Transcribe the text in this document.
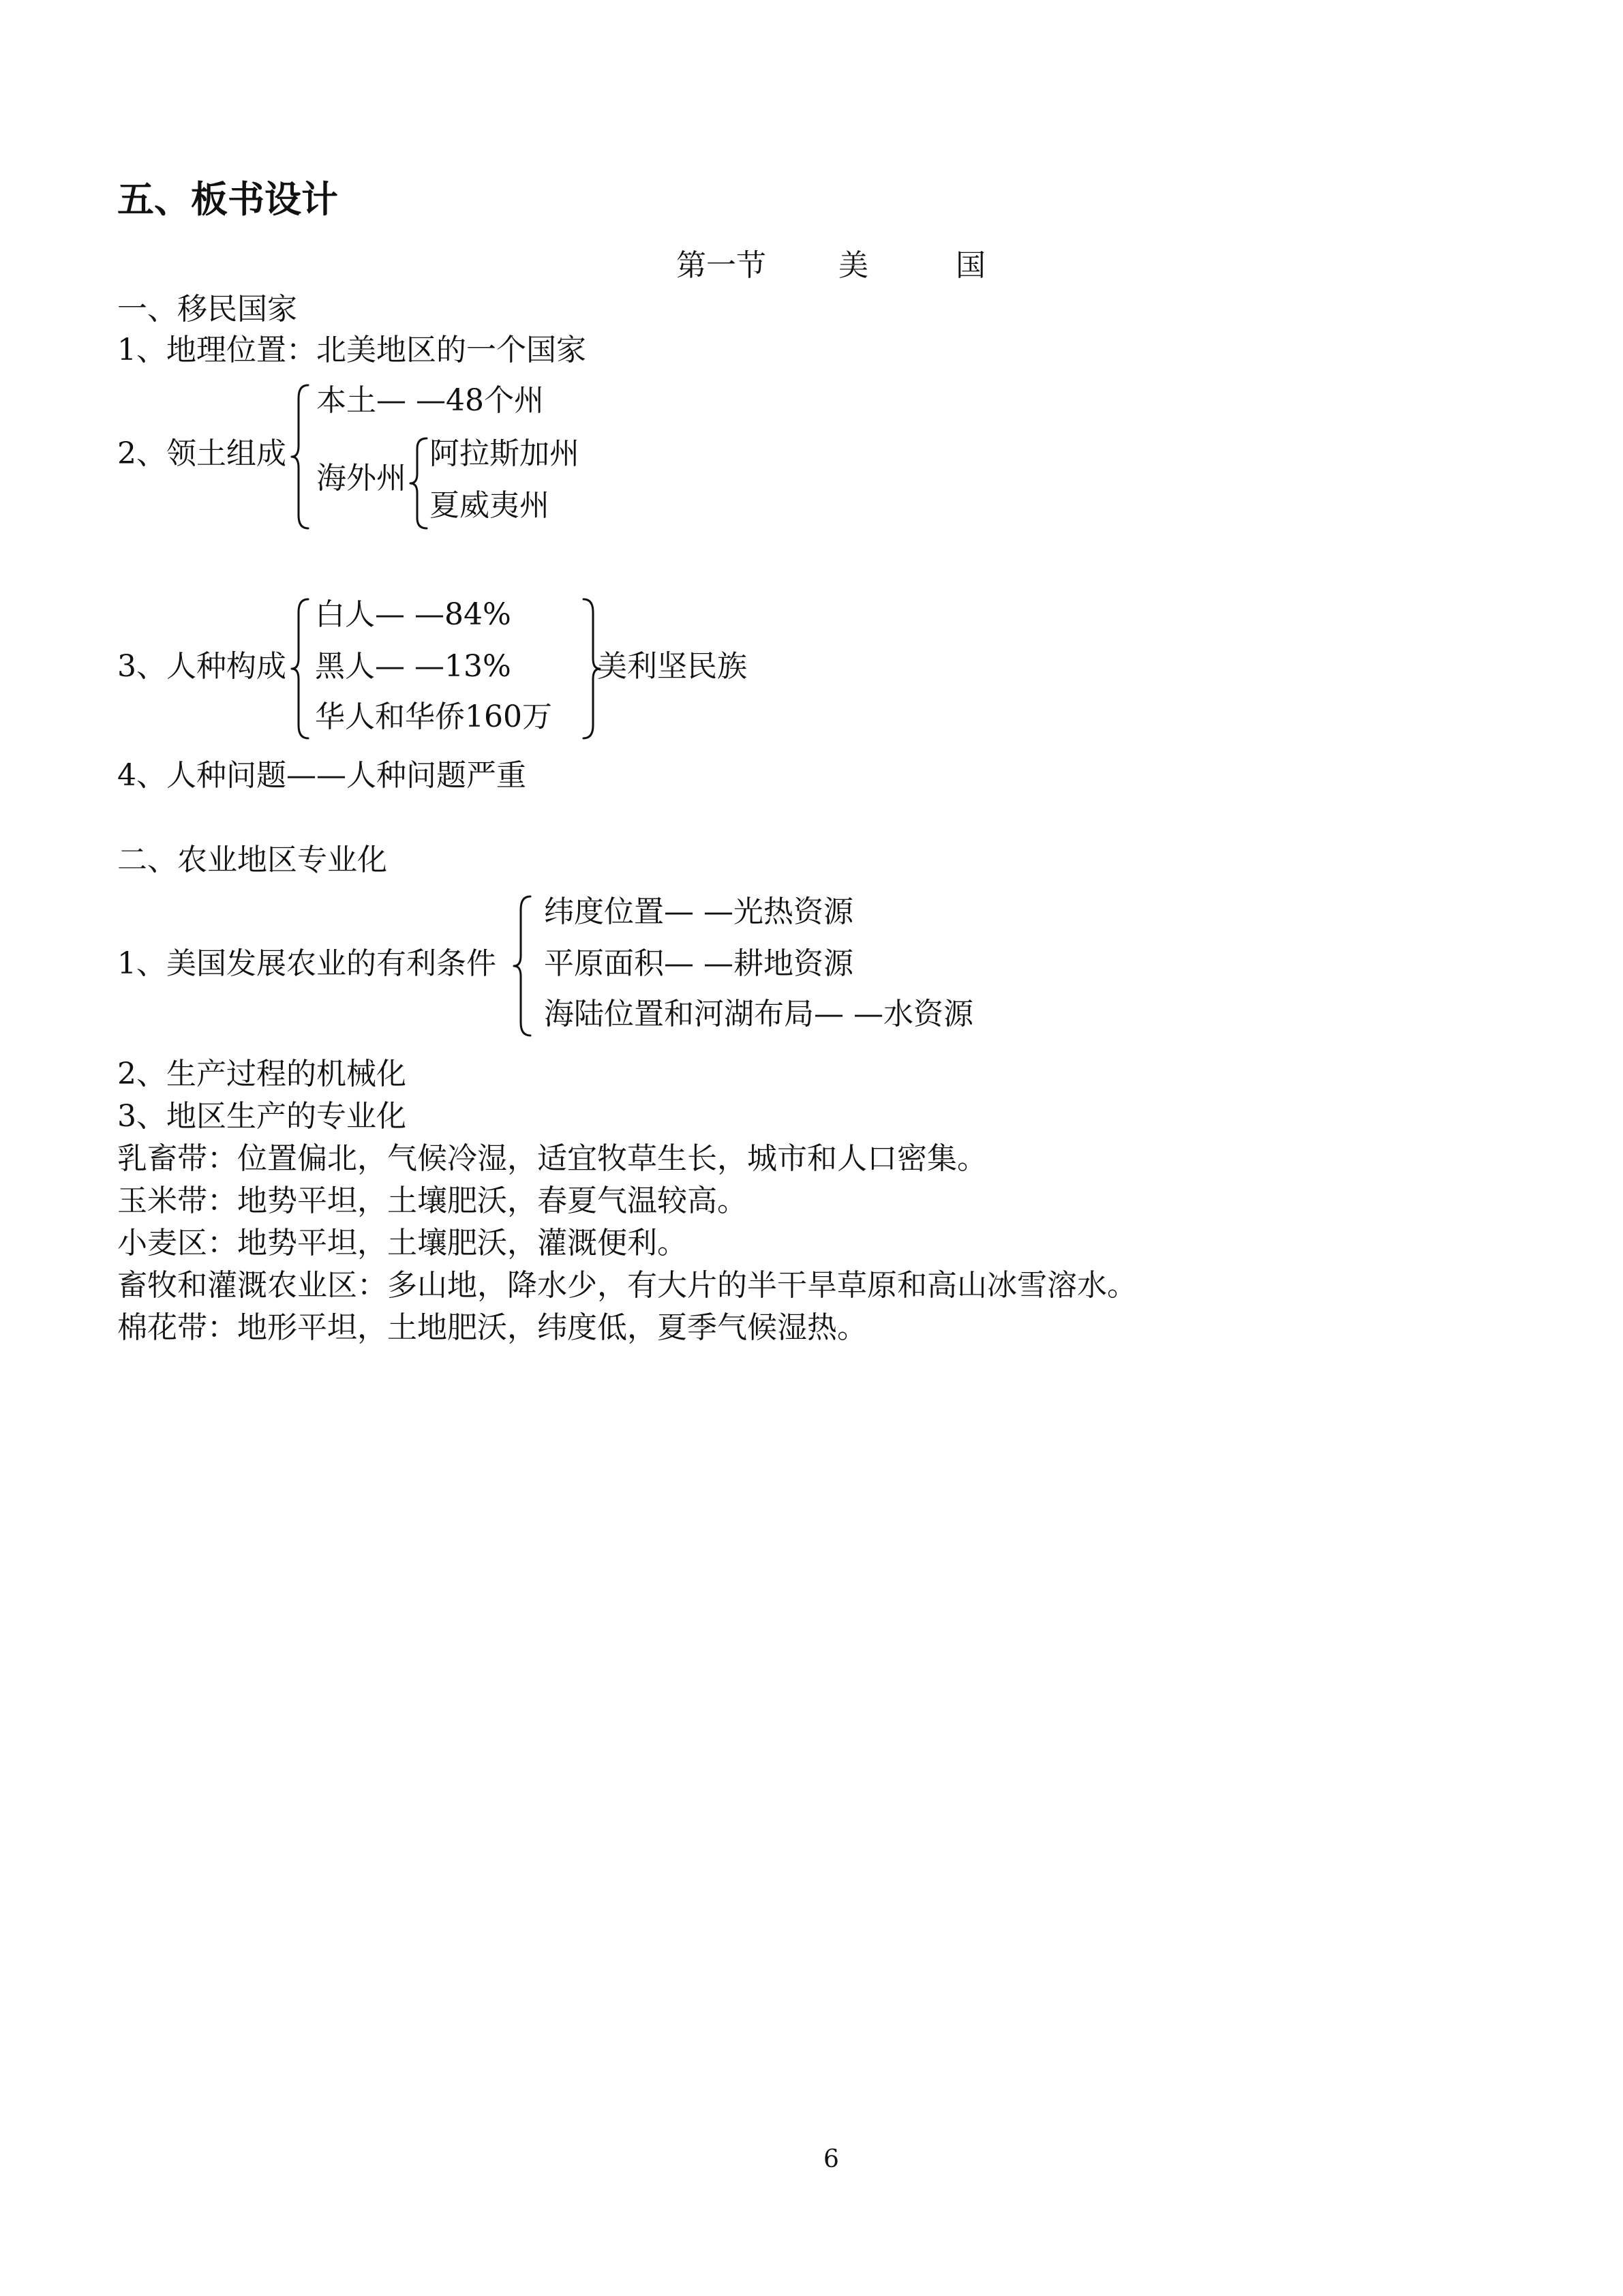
五、板书设计
第一节 美	国
一、移民国家
1、地理位置：北美地区的一个国家
2、领土组成
本土— —48个州
海外州
阿拉斯加州
夏威夷州
3、人种构成
白人— —84%
黑人— —13%
华人和华侨160万
美利坚民族
4、人种问题——人种问题严重
二、农业地区专业化
1、美国发展农业的有利条件
纬度位置— —光热资源
平原面积— —耕地资源
海陆位置和河湖布局— —水资源
2、生产过程的机械化
3、地区生产的专业化
乳畜带：位置偏北，气候冷湿，适宜牧草生长，城市和人口密集。
玉米带：地势平坦，土壤肥沃，春夏气温较高。
小麦区：地势平坦，土壤肥沃，灌溉便利。
畜牧和灌溉农业区：多山地，降水少，有大片的半干旱草原和高山冰雪溶水。
棉花带：地形平坦，土地肥沃，纬度低，夏季气候湿热。
6
